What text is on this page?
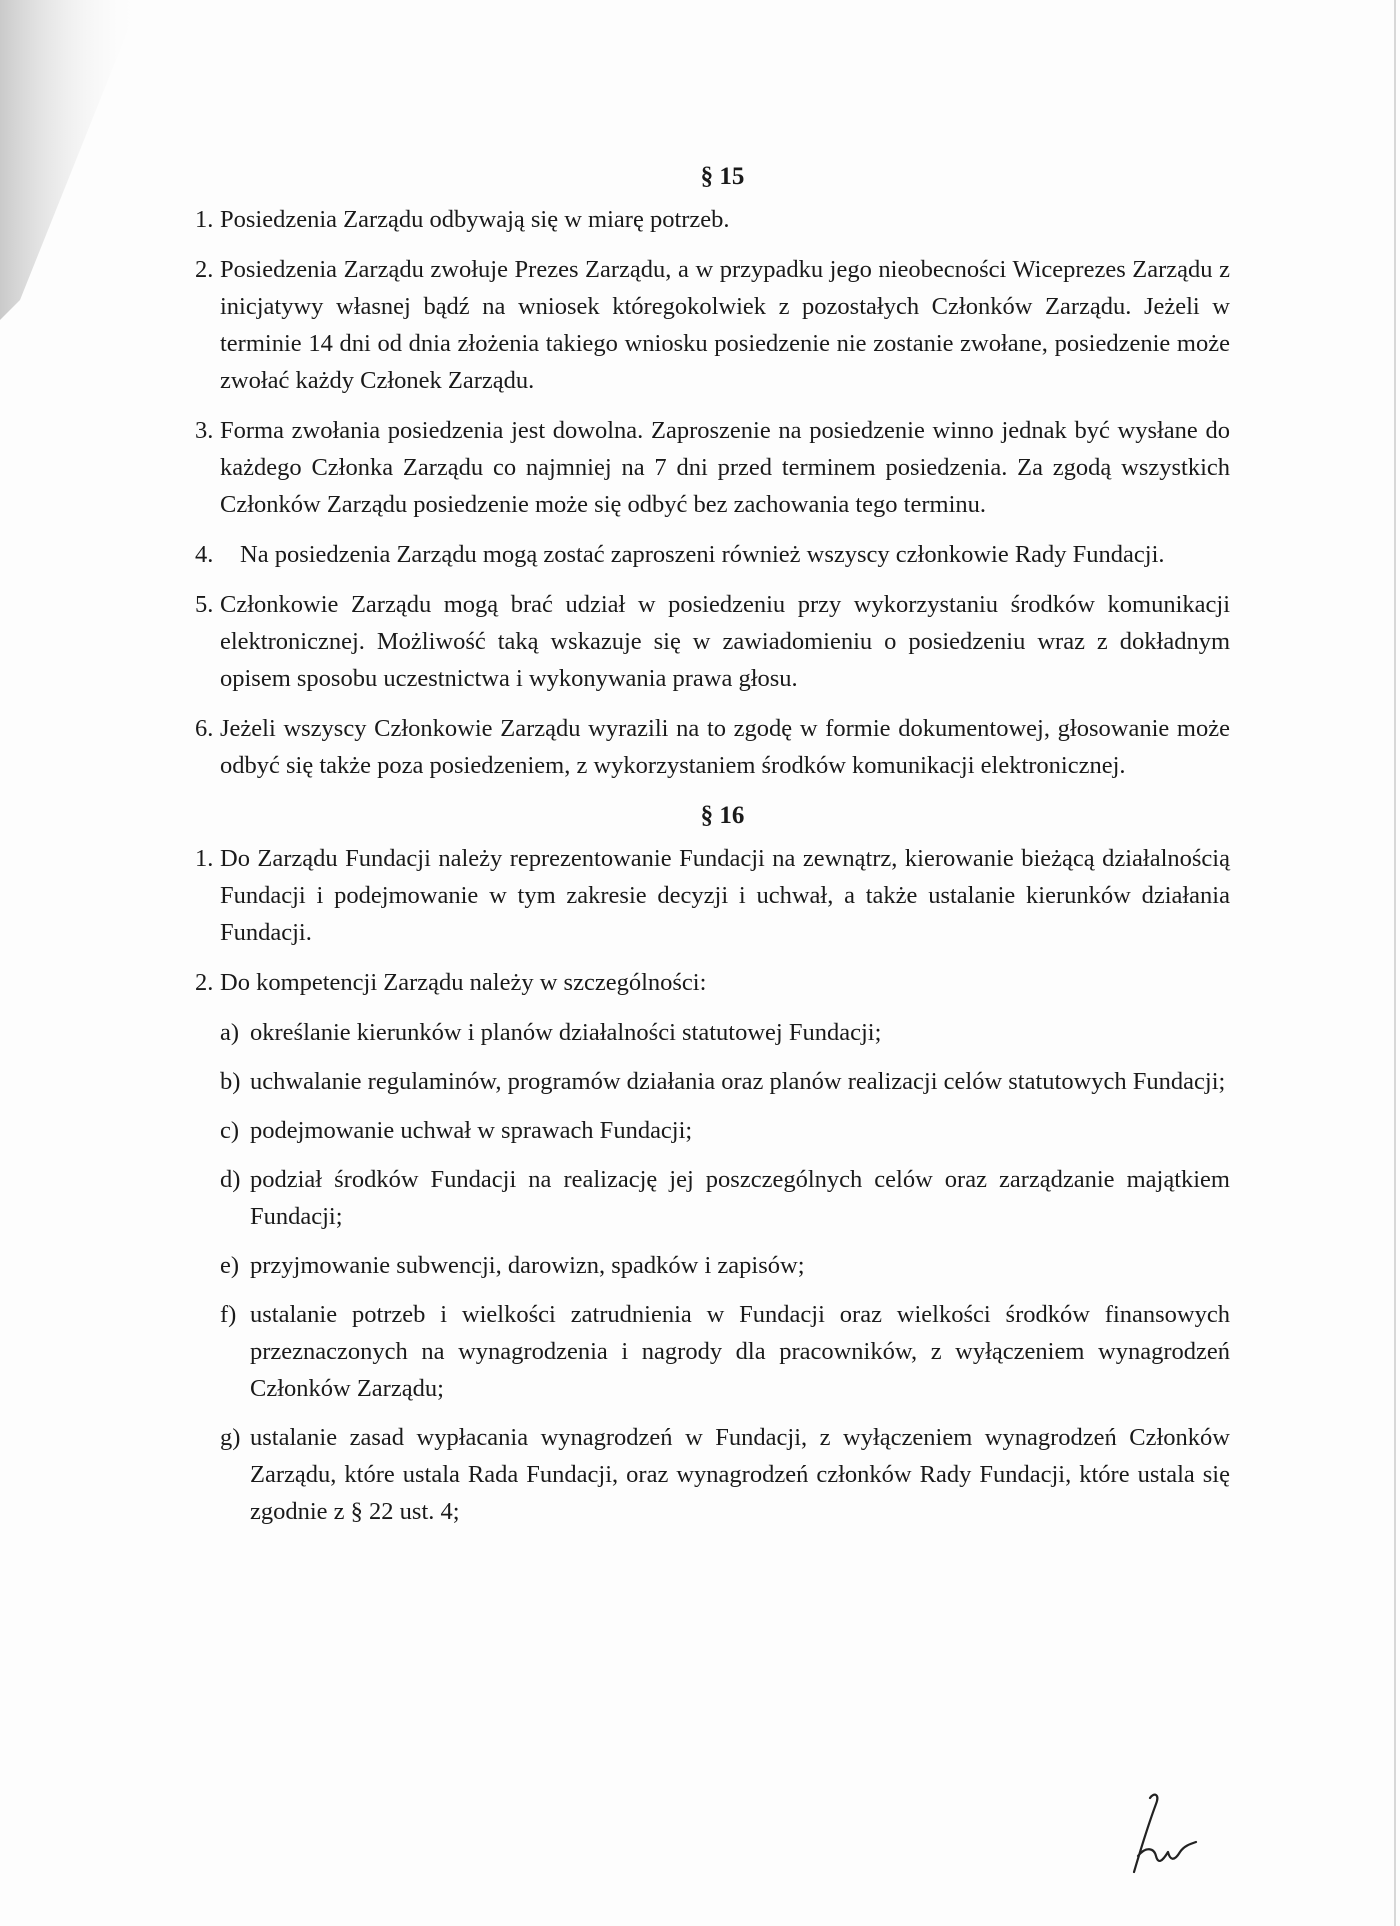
§ 15
1. Posiedzenia Zarządu odbywają się w miarę potrzeb.
2. Posiedzenia Zarządu zwołuje Prezes Zarządu, a w przypadku jego nieobecności Wiceprezes Zarządu z inicjatywy własnej bądź na wniosek któregokolwiek z pozostałych Członków Zarządu. Jeżeli w terminie 14 dni od dnia złożenia takiego wniosku posiedzenie nie zostanie zwołane, posiedzenie może zwołać każdy Członek Zarządu.
3. Forma zwołania posiedzenia jest dowolna. Zaproszenie na posiedzenie winno jednak być wysłane do każdego Członka Zarządu co najmniej na 7 dni przed terminem posiedzenia. Za zgodą wszystkich Członków Zarządu posiedzenie może się odbyć bez zachowania tego terminu.
4.	Na posiedzenia Zarządu mogą zostać zaproszeni również wszyscy członkowie Rady Fundacji.
5. Członkowie Zarządu mogą brać udział w posiedzeniu przy wykorzystaniu środków komunikacji elektronicznej. Możliwość taką wskazuje się w zawiadomieniu o posiedzeniu wraz z dokładnym opisem sposobu uczestnictwa i wykonywania prawa głosu.
6. Jeżeli wszyscy Członkowie Zarządu wyrazili na to zgodę w formie dokumentowej, głosowanie może odbyć się także poza posiedzeniem, z wykorzystaniem środków komunikacji elektronicznej.
§ 16
1. Do Zarządu Fundacji należy reprezentowanie Fundacji na zewnątrz, kierowanie bieżącą działalnością Fundacji i podejmowanie w tym zakresie decyzji i uchwał, a także ustalanie kierunków działania Fundacji.
2. Do kompetencji Zarządu należy w szczególności:
a) określanie kierunków i planów działalności statutowej Fundacji;
b) uchwalanie regulaminów, programów działania oraz planów realizacji celów statutowych Fundacji;
c) podejmowanie uchwał w sprawach Fundacji;
d) podział środków Fundacji na realizację jej poszczególnych celów oraz zarządzanie majątkiem Fundacji;
e) przyjmowanie subwencji, darowizn, spadków i zapisów;
f) ustalanie potrzeb i wielkości zatrudnienia w Fundacji oraz wielkości środków finansowych przeznaczonych na wynagrodzenia i nagrody dla pracowników, z wyłączeniem wynagrodzeń Członków Zarządu;
g) ustalanie zasad wypłacania wynagrodzeń w Fundacji, z wyłączeniem wynagrodzeń Członków Zarządu, które ustala Rada Fundacji, oraz wynagrodzeń członków Rady Fundacji, które ustala się zgodnie z § 22 ust. 4;
